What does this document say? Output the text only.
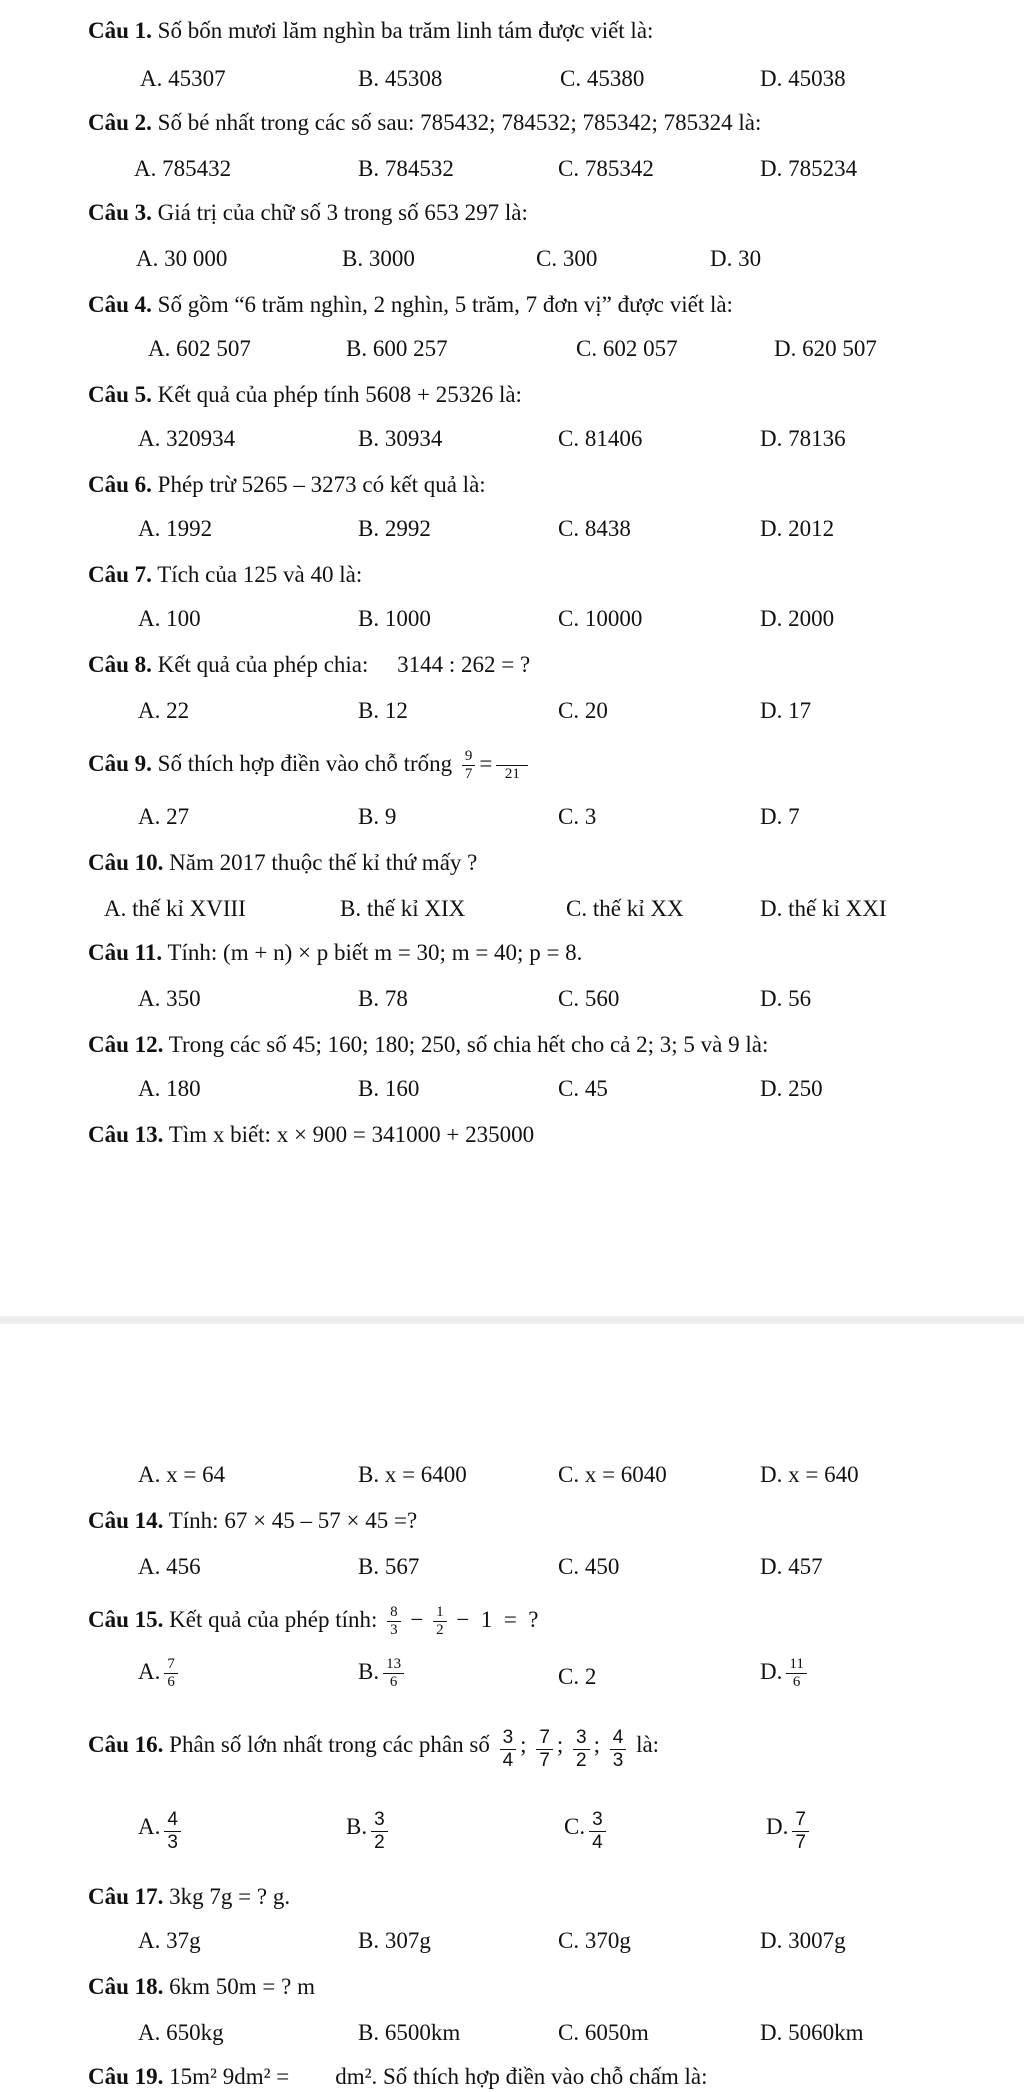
Câu 1. Số bốn mươi lăm nghìn ba trăm linh tám được viết là:
A. 45307	B. 45308	C. 45380	D. 45038
Câu 2. Số bé nhất trong các số sau: 785432; 784532; 785342; 785324 là:
A. 785432	B. 784532	C. 785342	D. 785234
Câu 3. Giá trị của chữ số 3 trong số 653 297 là:
A. 30 000	B. 3000	C. 300	D. 30
Câu 4. Số gồm “6 trăm nghìn, 2 nghìn, 5 trăm, 7 đơn vị” được viết là:
A. 602 507	B. 600 257	C. 602 057	D. 620 507
Câu 5. Kết quả của phép tính 5608 + 25326 là:
A. 320934	B. 30934	C. 81406	D. 78136
Câu 6. Phép trừ 5265 – 3273 có kết quả là:
A. 1992	B. 2992	C. 8438	D. 2012
Câu 7. Tích của 125 và 40 là:
A. 100	B. 1000	C. 10000	D. 2000
Câu 8. Kết quả của phép chia:     3144 : 262 = ?
A. 22	B. 12	C. 20	D. 17
Câu 9. Số thích hợp điền vào chỗ trống $\frac{9}{7} = 21$
A. 27	B. 9	C. 3	D. 7
Câu 10. Năm 2017 thuộc thế kỉ thứ mấy ?
A. thế kỉ XVIII	B. thế kỉ XIX	C. thế kỉ XX	D. thế kỉ XXI
Câu 11. Tính: (m + n) × p biết m = 30; m = 40; p = 8.
A. 350	B. 78	C. 560	D. 56
Câu 12. Trong các số 45; 160; 180; 250, số chia hết cho cả 2; 3; 5 và 9 là:
A. 180	B. 160	C. 45	D. 250
Câu 13. Tìm x biết: x × 900 = 341000 + 235000
A. x = 64	B. x = 6400	C. x = 6040	D. x = 640
Câu 14. Tính: 67 × 45 – 57 × 45 =?
A. 456	B. 567	C. 450	D. 457
Câu 15. Kết quả của phép tính: $\frac{8}{3} - \frac{1}{2} - 1$  =  ?
A. $\frac{7}{6}$	B. $\frac{13}{6}$	C. 2	D. $\frac{11}{6}$
Câu 16. Phân số lớn nhất trong các phân số $\frac{3}{4}$ ; $\frac{7}{7}$ ; $\frac{3}{2}$ ; $\frac{4}{3}$ là:
A. $\frac{4}{3}$	B. $\frac{3}{2}$	C. $\frac{3}{4}$	D. $\frac{7}{7}$
Câu 17. 3kg 7g = ? g.
A. 37g	B. 307g	C. 370g	D. 3007g
Câu 18. 6km 50m = ? m
A. 650kg	B. 6500km	C. 6050m	D. 5060km
Câu 19. 15m² 9dm² =        dm². Số thích hợp điền vào chỗ chấm là:
